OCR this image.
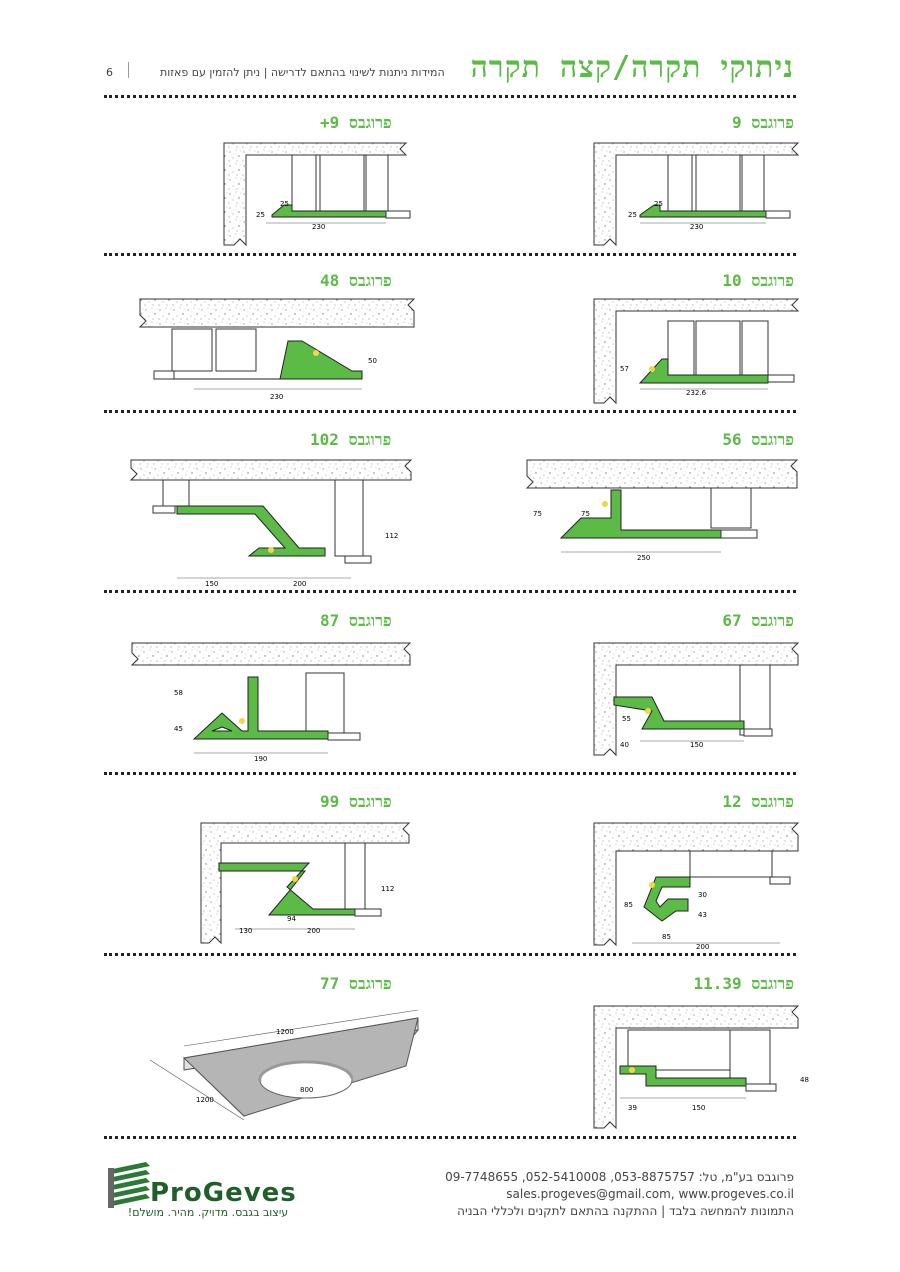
ניתוקי תקרה/קצה תקרה
המידות ניתנות לשינוי בהתאם לדרישה | ניתן להזמין עם פאזות
6
פרוגבס 9
25
25
230
פרוגבס 9+
25
25
230
פרוגבס 10
57
232.6
פרוגבס 48
50
230
פרוגבס 56
75	75
250
פרוגבס 102
112
150	200
פרוגבס 67
55
40	150
פרוגבס 87
58
45
190
פרוגבס 12
30
85
43
85
200
פרוגבס 99
112
94
130	200
פרוגבס 11.39
48
39	150
פרוגבס 77
1200
1200
800
ProGeves
עיצוב בגבס. מדויק. מהיר. מושלם!
פרוגבס בע"מ, טל: 053-8875757, 052-5410008, 09-7748655
sales.progeves@gmail.com, www.progeves.co.il
התמונות להמחשה בלבד | ההתקנה בהתאם לתקנים ולכללי הבניה
